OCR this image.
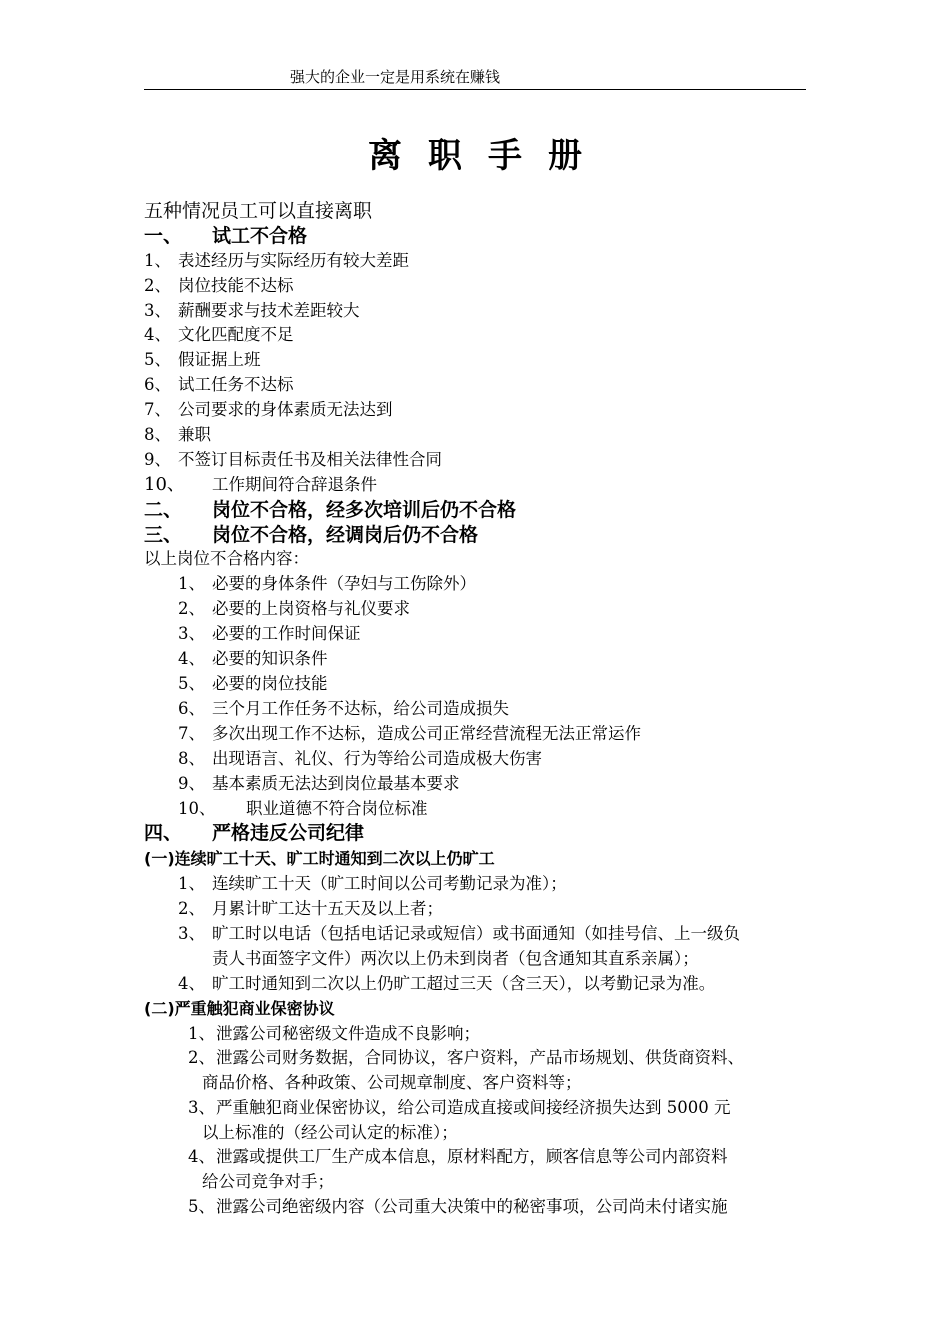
强大的企业一定是用系统在赚钱
离职手册
五种情况员工可以直接离职
一、 试工不合格
1、 表述经历与实际经历有较大差距
2、 岗位技能不达标
3、 薪酬要求与技术差距较大
4、 文化匹配度不足
5、 假证据上班
6、 试工任务不达标
7、 公司要求的身体素质无法达到
8、 兼职
9、 不签订目标责任书及相关法律性合同
10、 工作期间符合辞退条件
二、 岗位不合格，经多次培训后仍不合格
三、 岗位不合格，经调岗后仍不合格
以上岗位不合格内容：
1、 必要的身体条件（孕妇与工伤除外）
2、 必要的上岗资格与礼仪要求
3、 必要的工作时间保证
4、 必要的知识条件
5、 必要的岗位技能
6、 三个月工作任务不达标，给公司造成损失
7、 多次出现工作不达标，造成公司正常经营流程无法正常运作
8、 出现语言、礼仪、行为等给公司造成极大伤害
9、 基本素质无法达到岗位最基本要求
10、 职业道德不符合岗位标准
四、 严格违反公司纪律
(一)连续旷工十天、旷工时通知到二次以上仍旷工
1、 连续旷工十天（旷工时间以公司考勤记录为准）；
2、 月累计旷工达十五天及以上者；
3、 旷工时以电话（包括电话记录或短信）或书面通知（如挂号信、上一级负
责人书面签字文件）两次以上仍未到岗者（包含通知其直系亲属）；
4、 旷工时通知到二次以上仍旷工超过三天（含三天），以考勤记录为准。
(二)严重触犯商业保密协议
1、泄露公司秘密级文件造成不良影响；
2、泄露公司财务数据，合同协议，客户资料，产品市场规划、供货商资料、
商品价格、各种政策、公司规章制度、客户资料等；
3、严重触犯商业保密协议，给公司造成直接或间接经济损失达到 5000 元
以上标准的（经公司认定的标准）；
4、泄露或提供工厂生产成本信息，原材料配方，顾客信息等公司内部资料
给公司竞争对手；
5、泄露公司绝密级内容（公司重大决策中的秘密事项，公司尚未付诸实施
